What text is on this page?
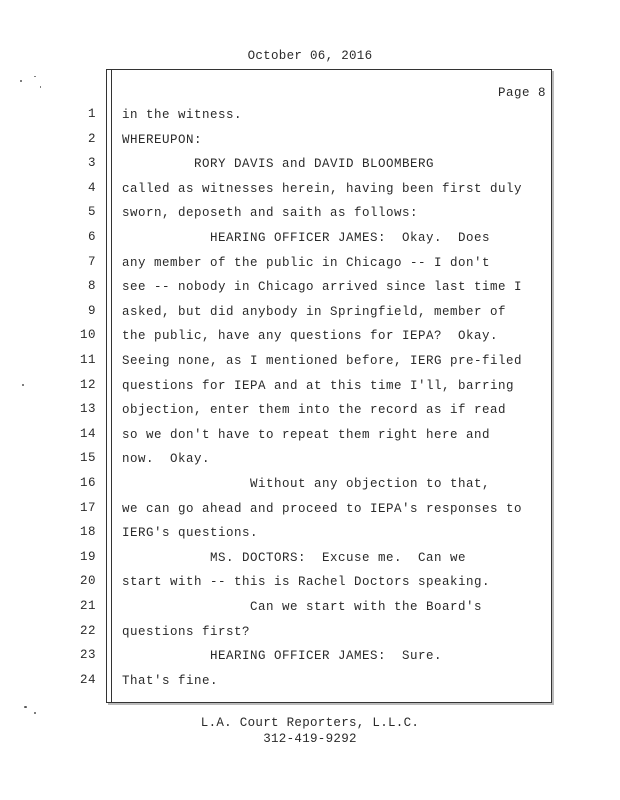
October 06, 2016
Page 8
1 in the witness.
2 WHEREUPON:
3 RORY DAVIS and DAVID BLOOMBERG
4 called as witnesses herein, having been first duly
5 sworn, deposeth and saith as follows:
6 HEARING OFFICER JAMES:  Okay.  Does
7 any member of the public in Chicago -- I don't
8 see -- nobody in Chicago arrived since last time I
9 asked, but did anybody in Springfield, member of
10 the public, have any questions for IEPA?  Okay.
11 Seeing none, as I mentioned before, IERG pre-filed
12 questions for IEPA and at this time I'll, barring
13 objection, enter them into the record as if read
14 so we don't have to repeat them right here and
15 now.  Okay.
16 Without any objection to that,
17 we can go ahead and proceed to IEPA's responses to
18 IERG's questions.
19 MS. DOCTORS:  Excuse me.  Can we
20 start with -- this is Rachel Doctors speaking.
21 Can we start with the Board's
22 questions first?
23 HEARING OFFICER JAMES:  Sure.
24 That's fine.
L.A. Court Reporters, L.L.C.
312-419-9292
